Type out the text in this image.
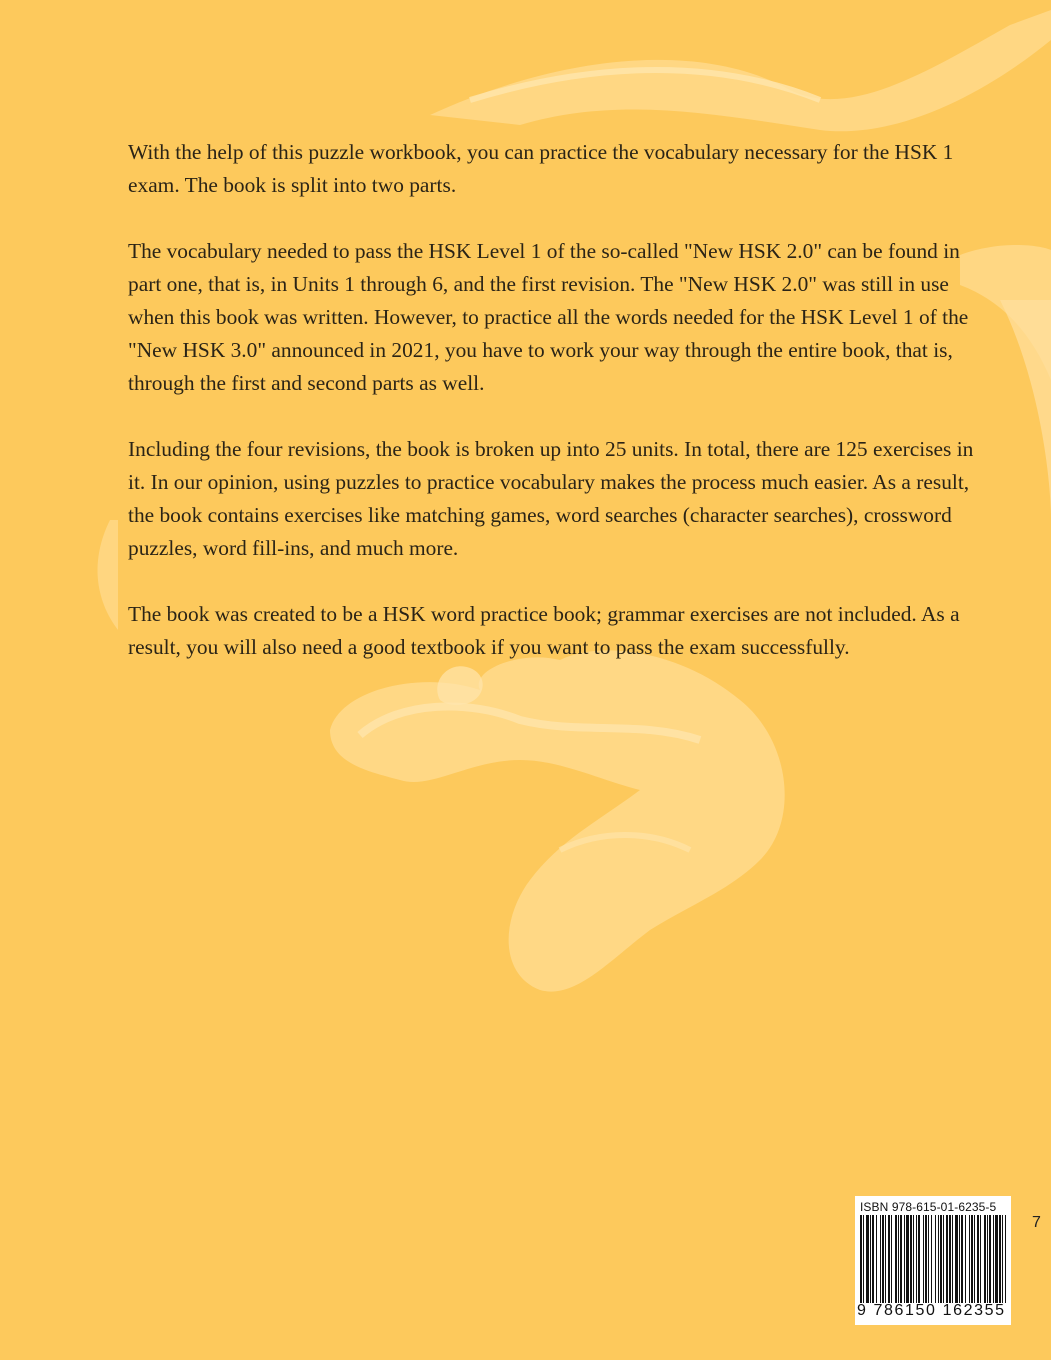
With the help of this puzzle workbook, you can practice the vocabulary necessary for the HSK 1 exam. The book is split into two parts.

The vocabulary needed to pass the HSK Level 1 of the so-called "New HSK 2.0" can be found in part one, that is, in Units 1 through 6, and the first revision. The "New HSK 2.0" was still in use when this book was written. However, to practice all the words needed for the HSK Level 1 of the "New HSK 3.0" announced in 2021, you have to work your way through the entire book, that is, through the first and second parts as well.

Including the four revisions, the book is broken up into 25 units. In total, there are 125 exercises in it. In our opinion, using puzzles to practice vocabulary makes the process much easier. As a result, the book contains exercises like matching games, word searches (character searches), crossword puzzles, word fill-ins, and much more.

The book was created to be a HSK word practice book; grammar exercises are not included. As a result, you will also need a good textbook if you want to pass the exam successfully.

ISBN 978-615-01-6235-5
9 786150 162355
7
